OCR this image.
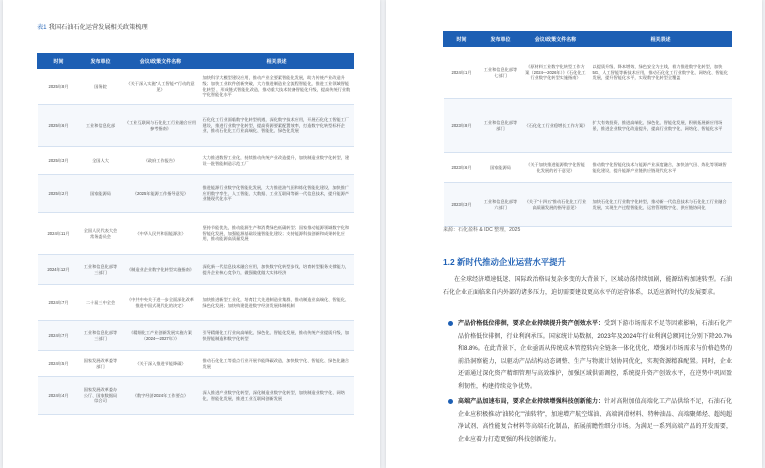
表1 我国石油石化运营发展相关政策梳理
时间	发布单位	会议/政策文件名称	相关表述
2025年8月	国务院	《关于深入实施"人工智能+"行动的意见》	加快科学大模型建设应用，推动产业全要素智能化发展，助力传统产业改造升级；加快工业软件创新突破，大力推进制造业全流程智能化，推进工业领域智能化转型 ，形成链式智能化改造，推动重大技术装备智能化升级，提高传统行业数字化智能化水平
2025年6月	工业和信息化部	《工业互联网与石化化工行业融合应用参考指南》	石化化工行业面临数字化转型机遇，深化数字技术应用，开展石化化工智能工厂建设，推进行业数字化转型，提高资源要素配置效率，打造数字化转型标杆企业，推动石化化工行业高端化、智能化、绿色化发展
2025年3月	全国人大	《政府工作报告》	大力推进数智工业化，持续推动传统产业改造提升，加快制造业数字化转型，建设一批智能制造示范工厂
2025年2月	国家能源局	《2025年能源工作指导意见》	推进能源行业数字化智能化发展，大力推进油气田和炼化智能化建设，加快推广应用数字孪生、人工智能、大数据、工业互联网等新一代信息技术，提升能源产业链现代化水平
2024年11月	全国人民代表大会常务委员会	《中华人民共和国能源法》	坚持节能优先，推动能源生产和消费绿色低碳转型；国家推动能源领域数字化和智能化发展，加强能源基础设施智能化建设；支持能源科技创新和成果转化应用，推动能源高质量发展
2024年12月	工业和信息化部等三部门	《制造业企业数字化转型实施指南》	深化新一代信息技术融合应用，加快数字化转型步伐，培育转型服务支撑能力，提升企业核心竞争力，做强做优做大实体经济
2024年7月	二十届三中全会	《中共中央关于进一步全面深化改革 推进中国式现代化的决定》	加快推进新型工业化，培育壮大先进制造业集群，推动制造业高端化、智能化、绿色化发展；加快构建促进数字经济发展体制机制
2024年7月	工业和信息化部等三部门	《精细化工产业创新发展实施方案（2024—2027年）》	引导精细化工行业向高端化、绿色化、智能化发展，推动传统产业提质升级，加快智能制造和数字化转型
2024年5月	国家发展改革委等部门	《关于深入推进节能降碳》	推动石化化工等重点行业开展节能降碳改造，加快数字化、智能化、绿色化融合发展
2024年4月	国家发展改革委办公厅、国家数据局综合司	《数字经济2024年工作要点》	深入推进产业数字化转型，深化制造业数字化转型，加快制造业数字化、网络化、智能化发展，推进工业互联网创新发展
时间	发布单位	会议/政策文件名称	相关表述
2024年1月	工业和信息化部等七部门	《原材料工业数字化转型工作方案（2024—2026年）》《石化化工行业数字化转型实施指南》	以提质升级、降本增效、绿色安全为主线，着力推进数字化转型，加快5G、人工智能等新技术应用，推动石化化工行业数字化、网络化、智能化发展，提升智能化水平，实现数字化转型全覆盖
2023年8月	工业和信息化部等部门	《石化化工行业稳增长工作方案》	扩大有效投资，推进高端化、绿色化、智能化发展，积极拓展新应用场景，推进企业数字化改造提升，提高行业数字化、网络化、智能化水平
2023年6月	国家能源局	《关于加快推进能源数字化智能化发展的若干意见》	推动数字化智能化技术与能源产业深度融合，加快油气田、炼化等领域智能化建设，提升能源产业链供应链现代化水平
2023年3月	工业和信息化部等六部门	《关于"十四五"推动石化化工行业高质量发展的指导意见》	加快石化化工行业数字化转型，推动新一代信息技术与石化化工行业融合发展，实现生产过程智能化、运营管理数字化、供应链协同化
来源：石化盈科 & IDC 整理，2025
1.2 新时代推动企业运营水平提升

在全球经济增速低迷、国际政治格局复杂多变的大背景下，区域动荡持续加剧，能源结构加速转型。石油石化企业正面临来自内外部的诸多压力，迫切需要建设更高水平的运营体系，以适应新时代的发展要求。

产品价格低位徘徊，要求企业持续提升资产创效水平：受到下游市场需求不足等因素影响，石油石化产品价格低位徘徊，行业利润承压。国家统计局数据，2023年及2024年行业利润总额同比分别下降20.7%和8.8%。在此背景下，企业亟需从传统成本管控转向全链条一体化优化，增强对市场需求与价格趋势的前沿洞察能力，以驱动产品结构动态调整、生产与物流计划协同优化，实现资源精准配置。同时，企业还需通过深化资产精细管理与高效维护，加强区域供需调控，系统提升资产创效水平，在逆势中巩固盈利韧性，构建持续竞争优势。

高端产品加速布局，要求企业持续增强科技创新能力：针对高附加值高端化工产品供给不足，石油石化企业应积极推动"油转化""油转特"，加速增产航空煤油、高端润滑材料、特种油品、高端聚烯烃、超纯超净试剂、高性能复合材料等高端石化制品，拓展前瞻性细分市场。为满足一系列高端产品的开发需要，企业应着力打造更强的科技创新能力。
